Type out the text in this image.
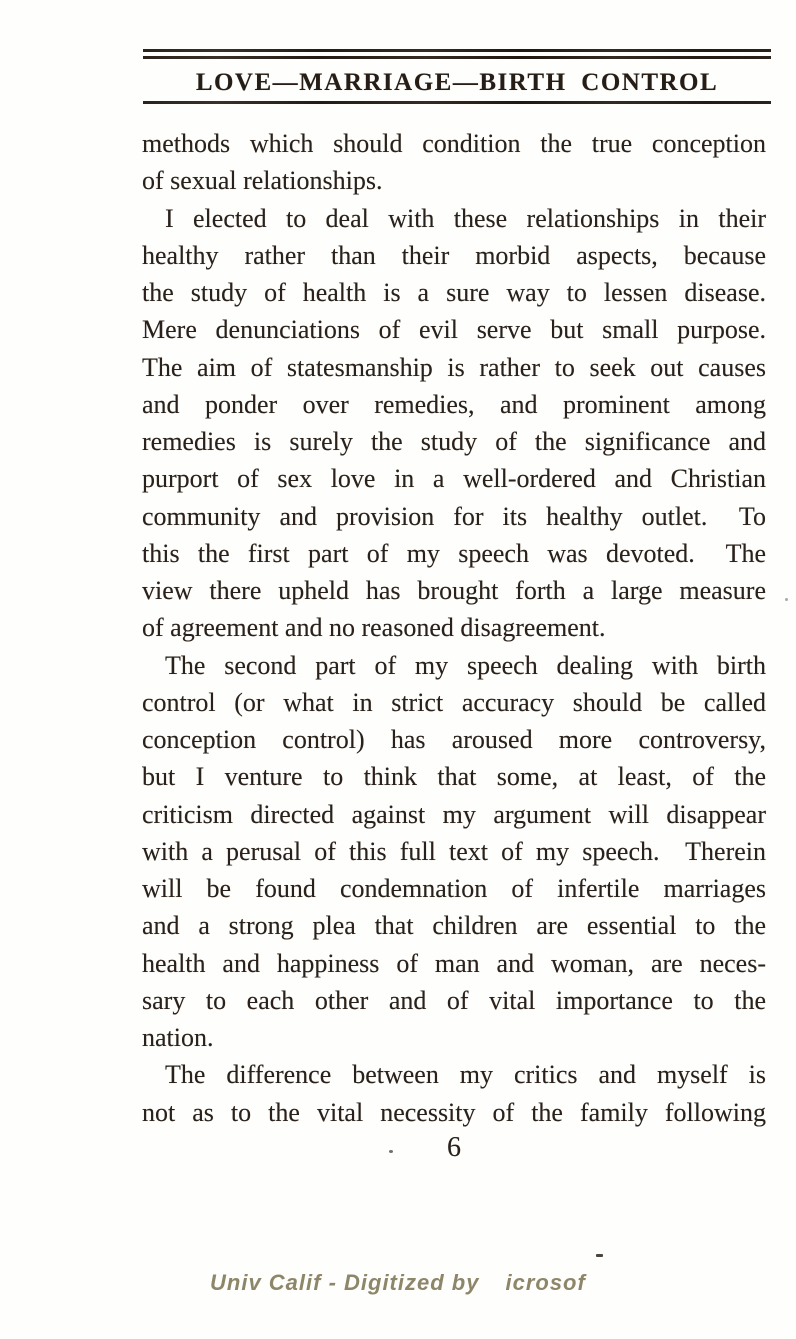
LOVE—MARRIAGE—BIRTH CONTROL
methods which should condition the true conception
of sexual relationships.
I elected to deal with these relationships in their
healthy rather than their morbid aspects, because
the study of health is a sure way to lessen disease.
Mere denunciations of evil serve but small purpose.
The aim of statesmanship is rather to seek out causes
and ponder over remedies, and prominent among
remedies is surely the study of the significance and
purport of sex love in a well-ordered and Christian
community and provision for its healthy outlet.  To
this the first part of my speech was devoted.  The
view there upheld has brought forth a large measure
of agreement and no reasoned disagreement.
The second part of my speech dealing with birth
control (or what in strict accuracy should be called
conception control) has aroused more controversy,
but I venture to think that some, at least, of the
criticism directed against my argument will disappear
with a perusal of this full text of my speech.  Therein
will be found condemnation of infertile marriages
and a strong plea that children are essential to the
health and happiness of man and woman, are neces-
sary to each other and of vital importance to the
nation.
The difference between my critics and myself is
not as to the vital necessity of the family following
6
Univ Calif - Digitized by icrosof
